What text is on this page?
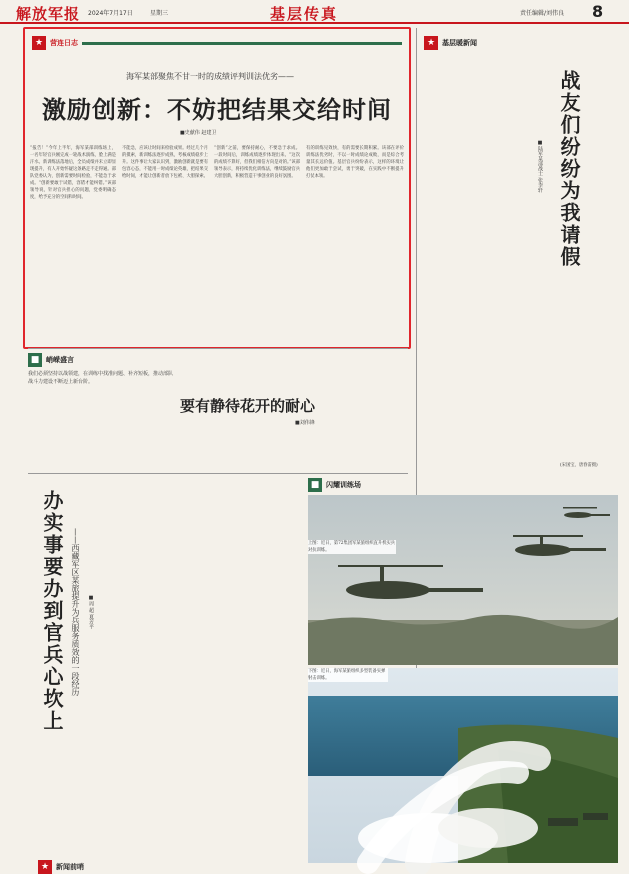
解放军报 2024年7月17日	星期三	基层传真	责任编辑/刘伟良 8
★ 营连日志
海军某部聚焦不甘一时的成绩评判训法优劣——
激励创新：不妨把结果交给时间
■史献伟 赵建卫
“报告！”今年上半年，海军某部训练场上，一名年轻官兵刚完成一轮战术演练，脸上满是汗水。新训练法落地后，全员成绩并未立即显现提升，有人开始怀疑这条路走不走得通。部队党委认为，创新需要时间检验，不能急于求成。“创新要敢于试错，容错才能纠错。”该部领导说，针对官兵担心的问题，党委明确态度，给予充分的空间和时间。
不能急，应该让时间来检验成果。经过几个月的摸索，新训练法逐步成熟，考核成绩稳步上升。这件事让大家认识到，激励创新就是要有包容心态，不能用一时成绩论英雄，把结果交给时间，才能让创新者放下包袱、大胆探索。
“创新”之前，要保持耐心，不要急于求成。一段时间后，训练成绩逐步体现出来。“这次的成绩不算好，但我们相信方向是对的。”该部领导表示，将持续优化训练法，继续鼓励官兵大胆创新，积极营造干事创业的良好氛围。
有的训练见效快，有的需要长期积累。该部在评价训练法优劣时，不以一时成绩论成败，而是综合考量其长远价值。基层官兵纷纷表示，这样的环境让他们更加敢于尝试，勇于突破，在实践中不断提升打仗本领。
■ 峭嵘盛言
我们必须坚持以战领建，在训练中找准问题、补齐短板，推动部队战斗力建设不断迈上新台阶。
要有静待花开的耐心
■刘伟锋
★ 基层暖新闻
战友们纷纷为我请假
■陆军某部战士 张李轩
(宋国宝、唐春雷摄)
办实事要办到官兵心坎上 ——西藏军区某旅提升为兵服务质效的一段经历 ■周 超 夏芳平
★ 新闻前哨
■ 闪耀训练场
上图：近日，第72集团军某旅组织直升机实兵对抗训练。
下图：近日，海军某旅组织多型装备实弹射击训练。
